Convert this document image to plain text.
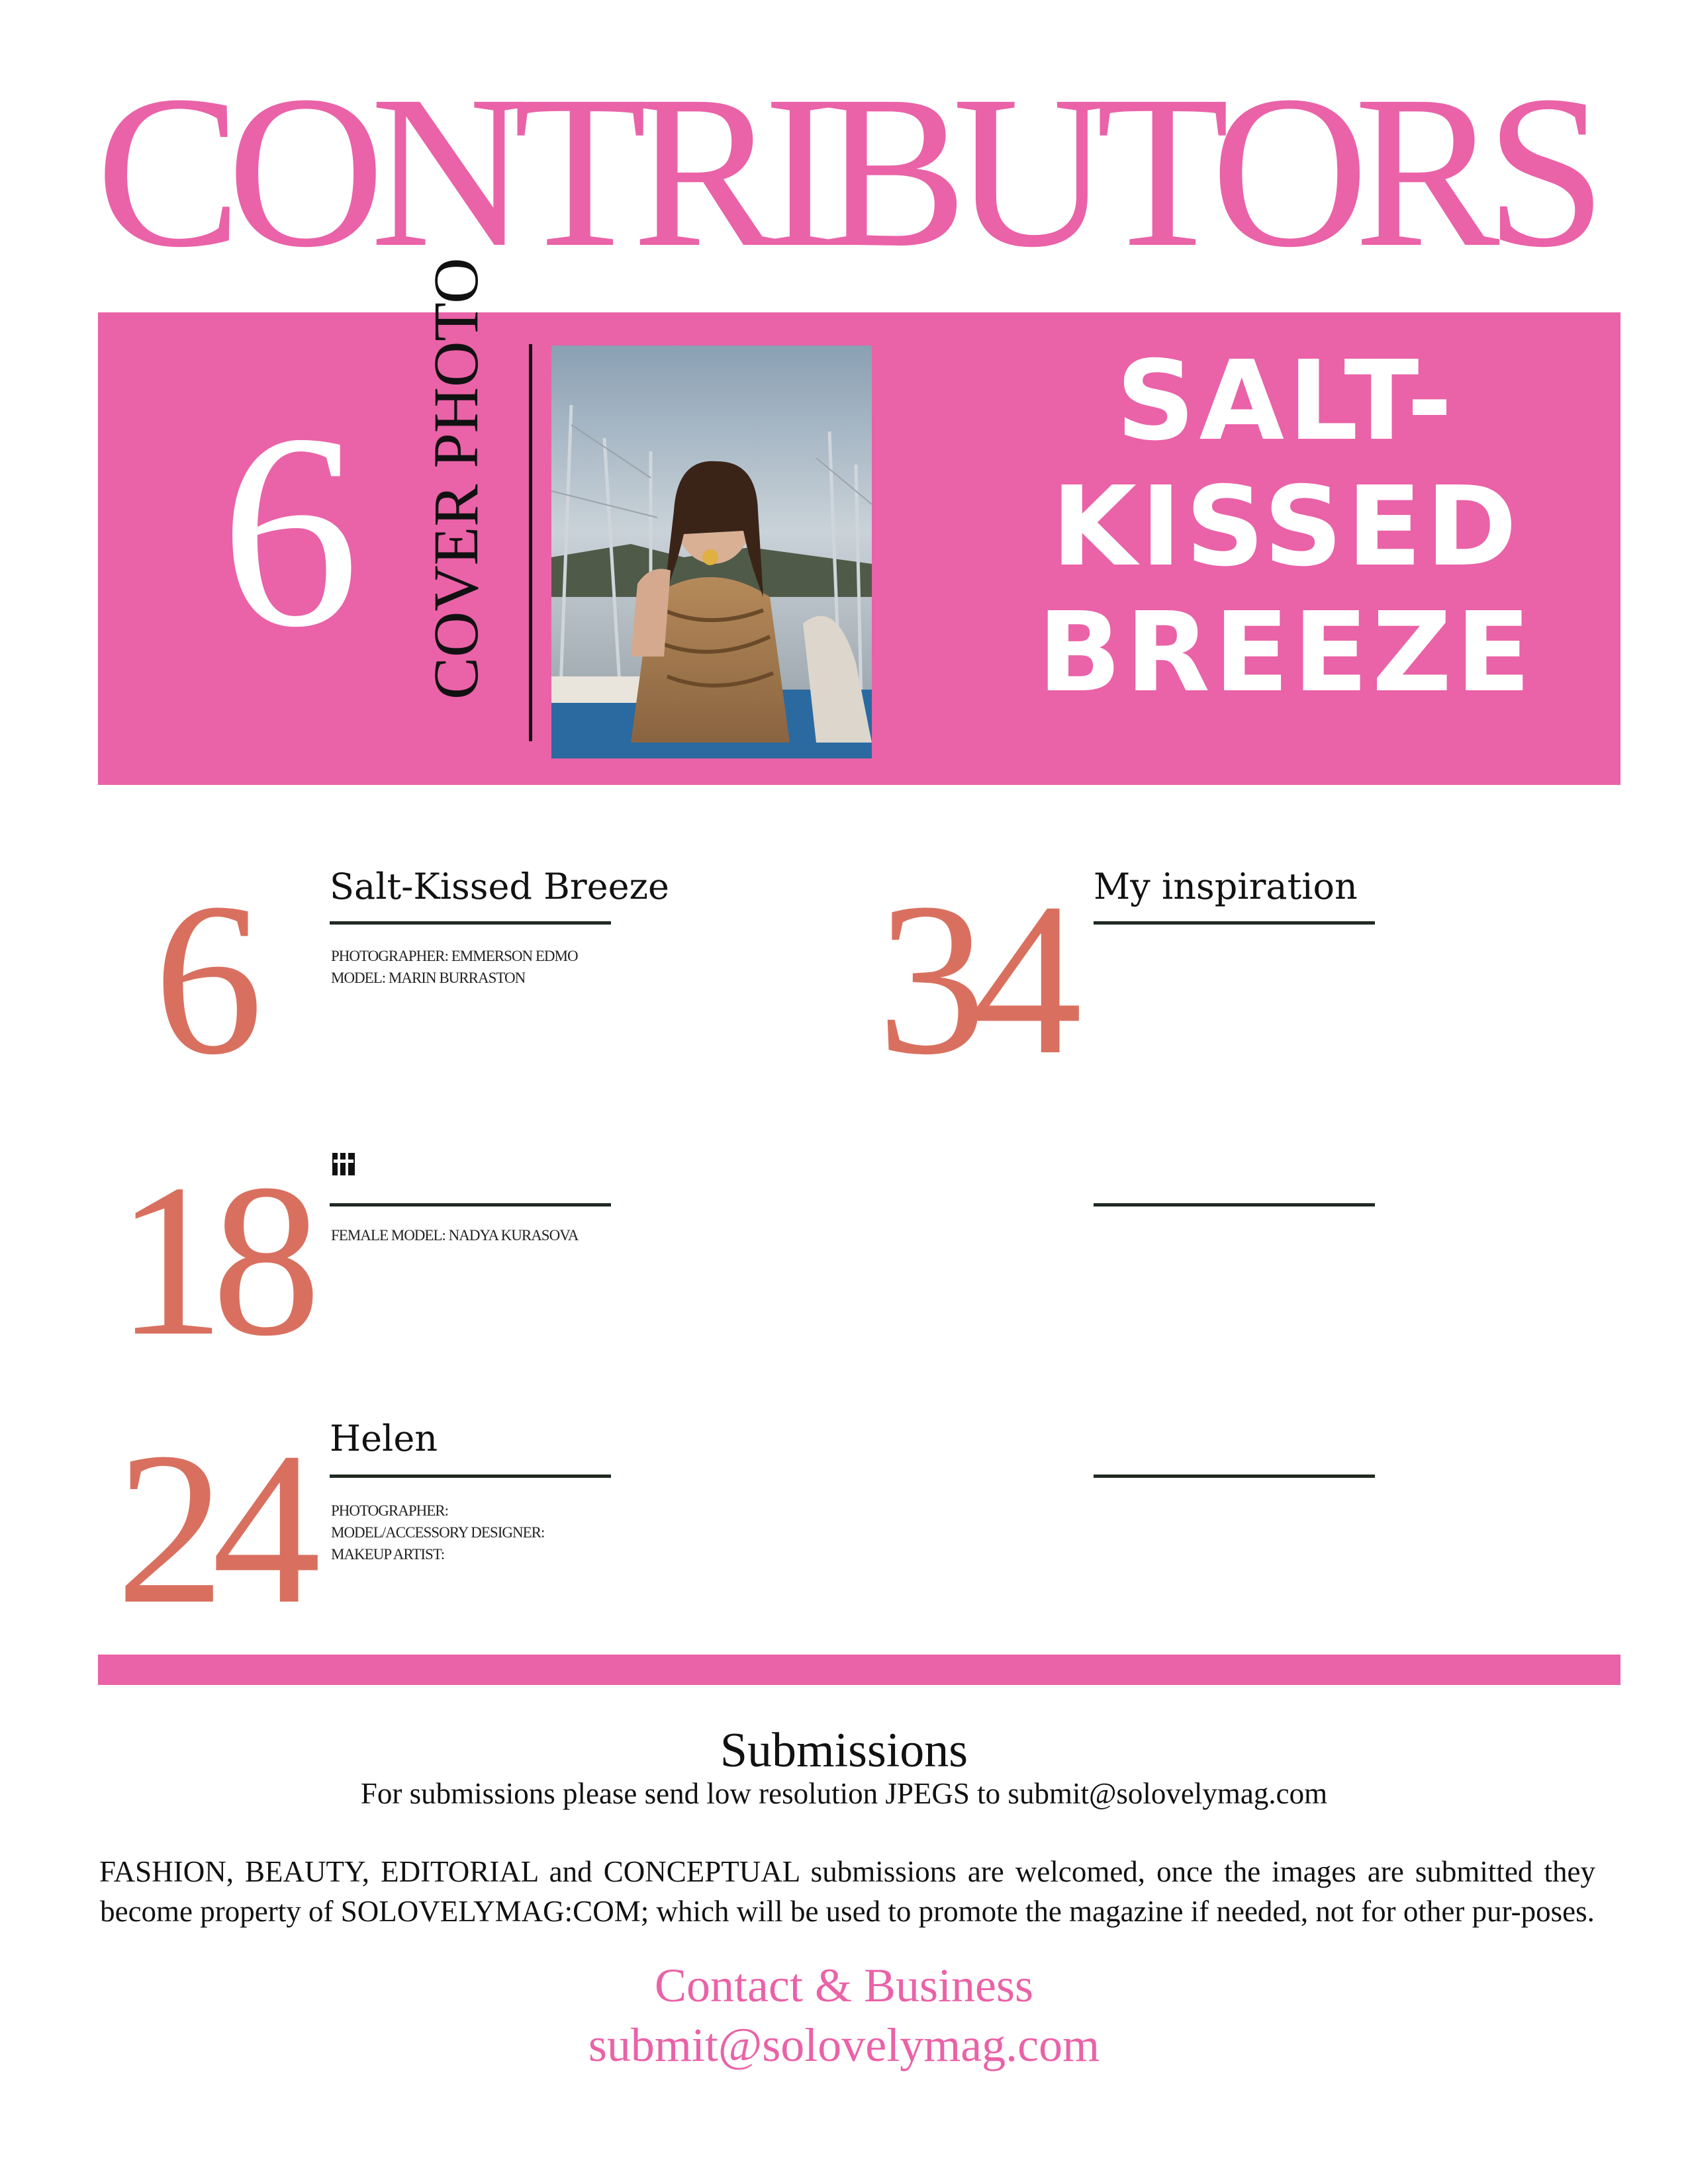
CONTRIBUTORS
6 COVER PHOTO	SALT-
KISSED
BREEZE
6	Salt-Kissed Breeze
PHOTOGRAPHER: EMMERSON EDMO
MODEL: MARIN BURRASTON
18 FEMALE MODEL: NADYA KURASOVA
24 Helen
PHOTOGRAPHER:
MODEL/ACCESSORY DESIGNER:
MAKEUP ARTIST:
34 My inspiration
Submissions
For submissions please send low resolution JPEGS to submit@solovelymag.com
FASHION, BEAUTY, EDITORIAL and CONCEPTUAL submissions are welcomed, once the images are submitted they become property of SOLOVELYMAG:COM; which will be used to promote the magazine if needed, not for other pur-poses.
Contact & Business
submit@solovelymag.com
